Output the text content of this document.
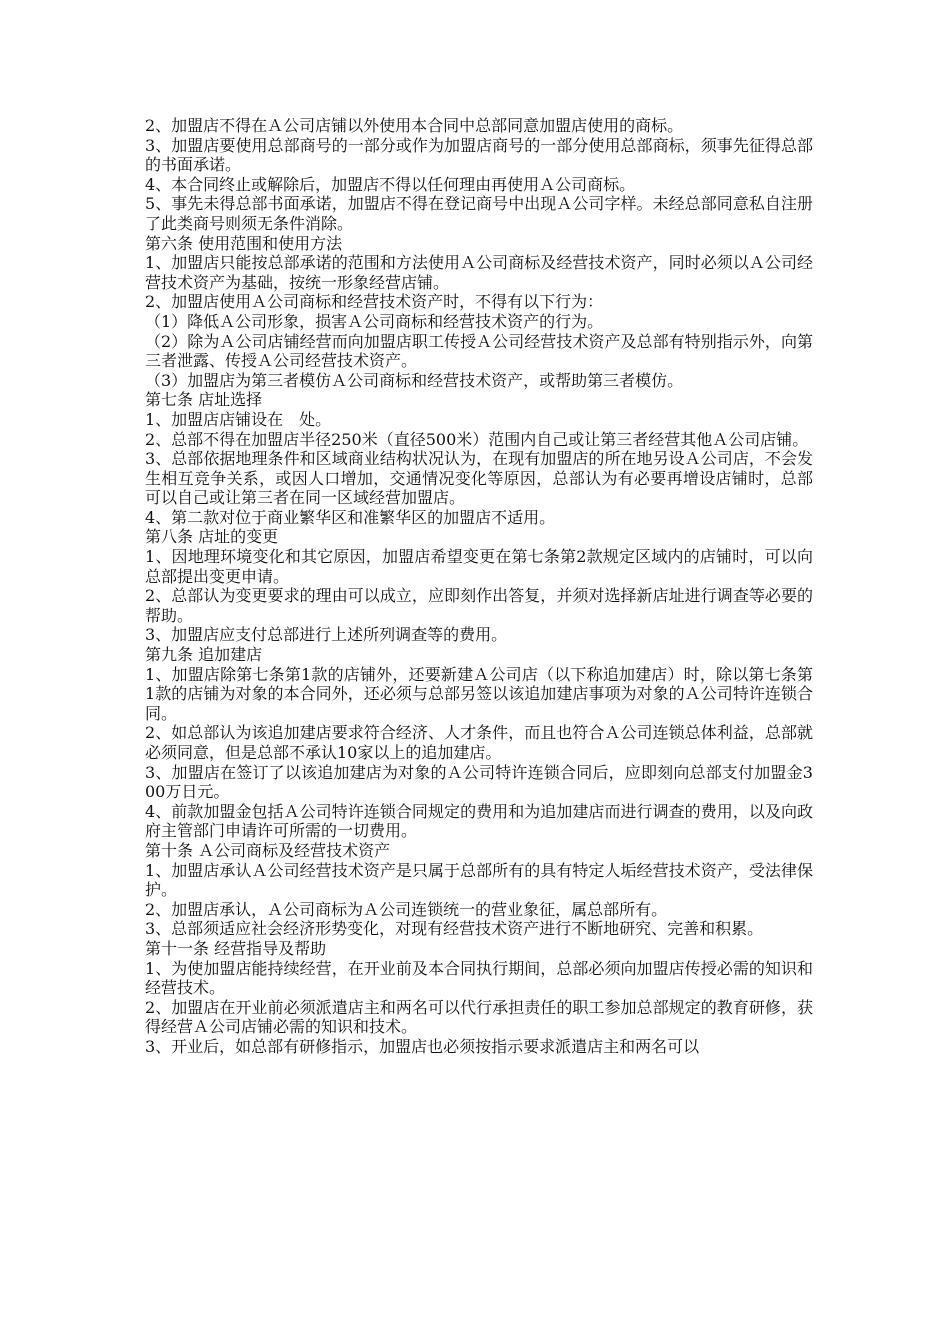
2、加盟店不得在Ａ公司店铺以外使用本合同中总部同意加盟店使用的商标。

3、加盟店要使用总部商号的一部分或作为加盟店商号的一部分使用总部商标，须事先征得总部的书面承诺。

4、本合同终止或解除后，加盟店不得以任何理由再使用Ａ公司商标。

5、事先未得总部书面承诺，加盟店不得在登记商号中出现Ａ公司字样。未经总部同意私自注册了此类商号则须无条件消除。

第六条 使用范围和使用方法

1、加盟店只能按总部承诺的范围和方法使用Ａ公司商标及经营技术资产，同时必须以Ａ公司经营技术资产为基础，按统一形象经营店铺。

2、加盟店使用Ａ公司商标和经营技术资产时，不得有以下行为：

（1）降低Ａ公司形象，损害Ａ公司商标和经营技术资产的行为。

（2）除为Ａ公司店铺经营而向加盟店职工传授Ａ公司经营技术资产及总部有特别指示外，向第三者泄露、传授Ａ公司经营技术资产。

（3）加盟店为第三者模仿Ａ公司商标和经营技术资产，或帮助第三者模仿。

第七条 店址选择

1、加盟店店铺设在　处。

2、总部不得在加盟店半径250米（直径500米）范围内自己或让第三者经营其他Ａ公司店铺。

3、总部依据地理条件和区域商业结构状况认为，在现有加盟店的所在地另设Ａ公司店，不会发生相互竞争关系，或因人口增加，交通情况变化等原因，总部认为有必要再增设店铺时，总部可以自己或让第三者在同一区域经营加盟店。

4、第二款对位于商业繁华区和准繁华区的加盟店不适用。

第八条 店址的变更

1、因地理环境变化和其它原因，加盟店希望变更在第七条第2款规定区域内的店铺时，可以向总部提出变更申请。

2、总部认为变更要求的理由可以成立，应即刻作出答复，并须对选择新店址进行调查等必要的帮助。

3、加盟店应支付总部进行上述所列调查等的费用。

第九条 追加建店

1、加盟店除第七条第1款的店铺外，还要新建Ａ公司店（以下称追加建店）时，除以第七条第1款的店铺为对象的本合同外，还必须与总部另签以该追加建店事项为对象的Ａ公司特许连锁合同。

2、如总部认为该追加建店要求符合经济、人才条件，而且也符合Ａ公司连锁总体利益，总部就必须同意，但是总部不承认10家以上的追加建店。

3、加盟店在签订了以该追加建店为对象的Ａ公司特许连锁合同后，应即刻向总部支付加盟金300万日元。

4、前款加盟金包括Ａ公司特许连锁合同规定的费用和为追加建店而进行调查的费用，以及向政府主管部门申请许可所需的一切费用。

第十条 Ａ公司商标及经营技术资产

1、加盟店承认Ａ公司经营技术资产是只属于总部所有的具有特定人垢经营技术资产，受法律保护。

2、加盟店承认，Ａ公司商标为Ａ公司连锁统一的营业象征，属总部所有。

3、总部须适应社会经济形势变化，对现有经营技术资产进行不断地研究、完善和积累。

第十一条 经营指导及帮助

1、为使加盟店能持续经营，在开业前及本合同执行期间，总部必须向加盟店传授必需的知识和经营技术。

2、加盟店在开业前必须派遣店主和两名可以代行承担责任的职工参加总部规定的教育研修，获得经营Ａ公司店铺必需的知识和技术。

3、开业后，如总部有研修指示，加盟店也必须按指示要求派遣店主和两名可以
